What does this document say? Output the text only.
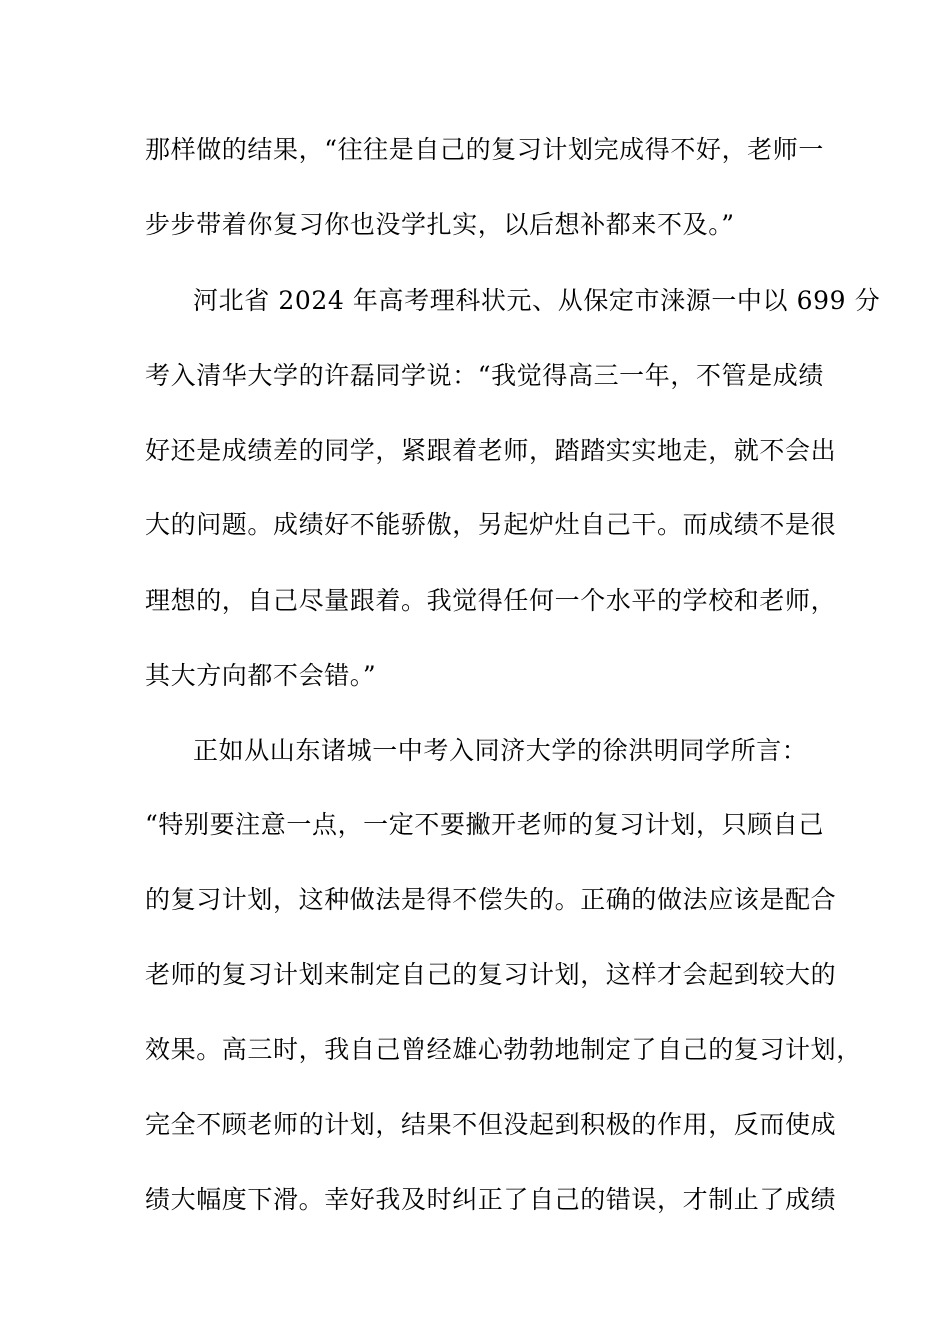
那样做的结果，“往往是自己的复习计划完成得不好，老师一
步步带着你复习你也没学扎实，以后想补都来不及。”
河北省 2024 年高考理科状元、从保定市涞源一中以 699 分
考入清华大学的许磊同学说：“我觉得高三一年，不管是成绩
好还是成绩差的同学，紧跟着老师，踏踏实实地走，就不会出
大的问题。成绩好不能骄傲，另起炉灶自己干。而成绩不是很
理想的，自己尽量跟着。我觉得任何一个水平的学校和老师，
其大方向都不会错。”
正如从山东诸城一中考入同济大学的徐洪明同学所言：
“特别要注意一点，一定不要撇开老师的复习计划，只顾自己
的复习计划，这种做法是得不偿失的。正确的做法应该是配合
老师的复习计划来制定自己的复习计划，这样才会起到较大的
效果。高三时，我自己曾经雄心勃勃地制定了自己的复习计划，
完全不顾老师的计划，结果不但没起到积极的作用，反而使成
绩大幅度下滑。幸好我及时纠正了自己的错误，才制止了成绩
